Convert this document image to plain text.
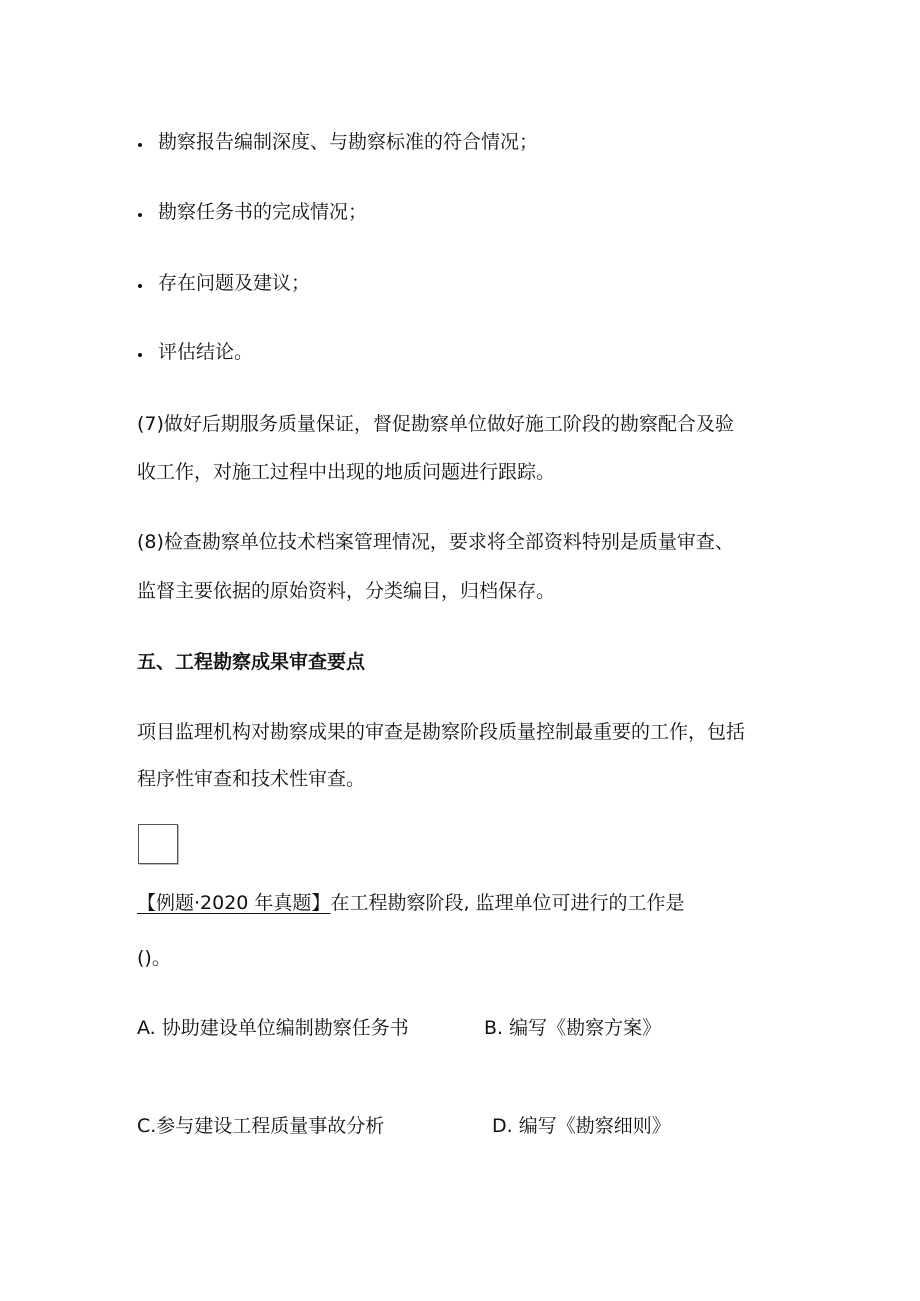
勘察报告编制深度、与勘察标准的符合情况；
勘察任务书的完成情况；
存在问题及建议；
评估结论。
(7)做好后期服务质量保证，督促勘察单位做好施工阶段的勘察配合及验
收工作，对施工过程中出现的地质问题进行跟踪。
(8)检查勘察单位技术档案管理情况，要求将全部资料特别是质量审查、
监督主要依据的原始资料，分类编目，归档保存。
五、工程勘察成果审查要点
项目监理机构对勘察成果的审查是勘察阶段质量控制最重要的工作，包括
程序性审查和技术性审查。
【例题·2020 年真题】在工程勘察阶段, 监理单位可进行的工作是
()。
A. 协助建设单位编制勘察任务书	B. 编写《勘察方案》
C.参与建设工程质量事故分析	D. 编写《勘察细则》
